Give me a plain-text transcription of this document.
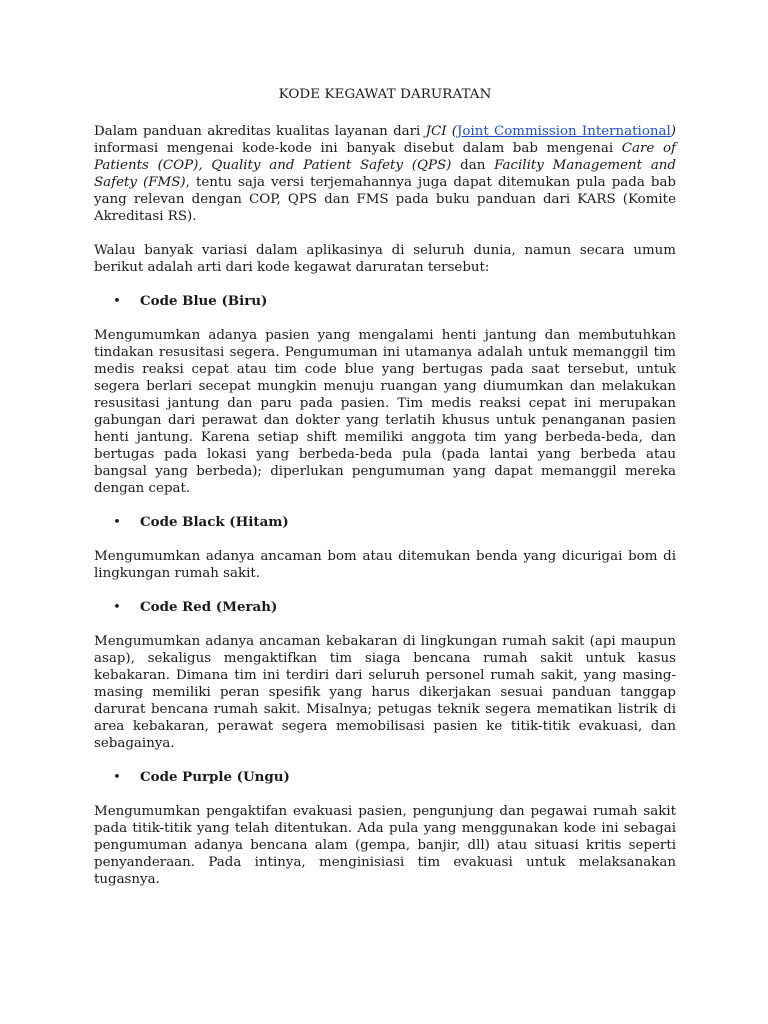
KODE KEGAWAT DARURATAN

Dalam panduan akreditas kualitas layanan dari JCI (Joint Commission International) informasi mengenai kode-kode ini banyak disebut dalam bab mengenai Care of Patients (COP), Quality and Patient Safety (QPS) dan Facility Management and Safety (FMS), tentu saja versi terjemahannya juga dapat ditemukan pula pada bab yang relevan dengan COP, QPS dan FMS pada buku panduan dari KARS (Komite Akreditasi RS).

Walau banyak variasi dalam aplikasinya di seluruh dunia, namun secara umum berikut adalah arti dari kode kegawat daruratan tersebut:

• Code Blue (Biru)

Mengumumkan adanya pasien yang mengalami henti jantung dan membutuhkan tindakan resusitasi segera. Pengumuman ini utamanya adalah untuk memanggil tim medis reaksi cepat atau tim code blue yang bertugas pada saat tersebut, untuk segera berlari secepat mungkin menuju ruangan yang diumumkan dan melakukan resusitasi jantung dan paru pada pasien. Tim medis reaksi cepat ini merupakan gabungan dari perawat dan dokter yang terlatih khusus untuk penanganan pasien henti jantung. Karena setiap shift memiliki anggota tim yang berbeda-beda, dan bertugas pada lokasi yang berbeda-beda pula (pada lantai yang berbeda atau bangsal yang berbeda); diperlukan pengumuman yang dapat memanggil mereka dengan cepat.

• Code Black (Hitam)

Mengumumkan adanya ancaman bom atau ditemukan benda yang dicurigai bom di lingkungan rumah sakit.

• Code Red (Merah)

Mengumumkan adanya ancaman kebakaran di lingkungan rumah sakit (api maupun asap), sekaligus mengaktifkan tim siaga bencana rumah sakit untuk kasus kebakaran. Dimana tim ini terdiri dari seluruh personel rumah sakit, yang masing-masing memiliki peran spesifik yang harus dikerjakan sesuai panduan tanggap darurat bencana rumah sakit. Misalnya; petugas teknik segera mematikan listrik di area kebakaran, perawat segera memobilisasi pasien ke titik-titik evakuasi, dan sebagainya.

• Code Purple (Ungu)

Mengumumkan pengaktifan evakuasi pasien, pengunjung dan pegawai rumah sakit pada titik-titik yang telah ditentukan. Ada pula yang menggunakan kode ini sebagai pengumuman adanya bencana alam (gempa, banjir, dll) atau situasi kritis seperti penyanderaan. Pada intinya, menginisiasi tim evakuasi untuk melaksanakan tugasnya.
